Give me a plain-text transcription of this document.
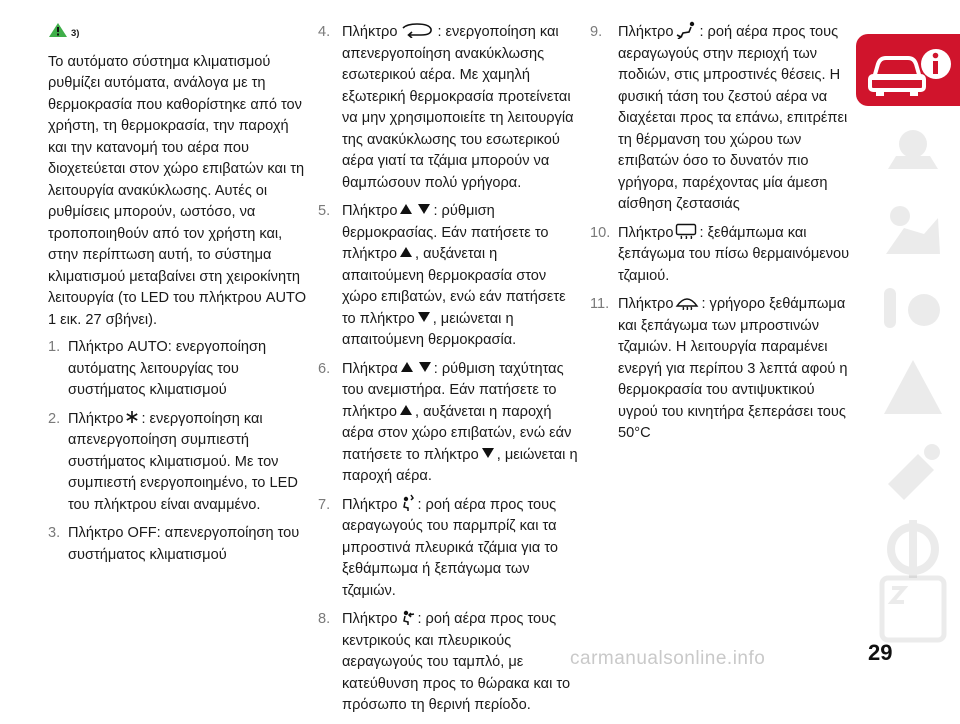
3)

Το αυτόματο σύστημα κλιματισμού ρυθμίζει αυτόματα, ανάλογα με τη θερμοκρασία που καθορίστηκε από τον χρήστη, τη θερμοκρασία, την παροχή και την κατανομή του αέρα που διοχετεύεται στον χώρο επιβατών και τη λειτουργία ανακύκλωσης. Αυτές οι ρυθμίσεις μπορούν, ωστόσο, να τροποποιηθούν από τον χρήστη και, στην περίπτωση αυτή, το σύστημα κλιματισμού μεταβαίνει στη χειροκίνητη λειτουργία (το LED του πλήκτρου AUTO 1 εικ. 27 σβήνει).

1. Πλήκτρο AUTO: ενεργοποίηση αυτόματης λειτουργίας του συστήματος κλιματισμού
2. Πλήκτρο : ενεργοποίηση και απενεργοποίηση συμπιεστή συστήματος κλιματισμού. Με τον συμπιεστή ενεργοποιημένο, το LED του πλήκτρου είναι αναμμένο.
3. Πλήκτρο OFF: απενεργοποίηση του συστήματος κλιματισμού
4. Πλήκτρο	: ενεργοποίηση και απενεργοποίηση ανακύκλωσης εσωτερικού αέρα. Με χαμηλή εξωτερική θερμοκρασία προτείνεται να μην χρησιμοποιείτε τη λειτουργία της ανακύκλωσης του εσωτερικού αέρα γιατί τα τζάμια μπορούν να θαμπώσουν πολύ γρήγορα.
5. Πλήκτρο : ρύθμιση θερμοκρασίας. Εάν πατήσετε το πλήκτρο , αυξάνεται η απαιτούμενη θερμοκρασία στον χώρο επιβατών, ενώ εάν πατήσετε το πλήκτρο , μειώνεται η απαιτούμενη θερμοκρασία.
6. Πλήκτρα : ρύθμιση ταχύτητας του ανεμιστήρα. Εάν πατήσετε το πλήκτρο , αυξάνεται η παροχή αέρα στον χώρο επιβατών, ενώ εάν πατήσετε το πλήκτρο , μειώνεται η παροχή αέρα.
7. Πλήκτρο : ροή αέρα προς τους αεραγωγούς του παρμπρίζ και τα μπροστινά πλευρικά τζάμια για το ξεθάμπωμα ή ξεπάγωμα των τζαμιών.
8. Πλήκτρο : ροή αέρα προς τους κεντρικούς και πλευρικούς αεραγωγούς του ταμπλό, με κατεύθυνση προς το θώρακα και το πρόσωπο τη θερινή περίοδο.
9.	Πλήκτρο : ροή αέρα προς τους αεραγωγούς στην περιοχή των ποδιών, στις μπροστινές θέσεις. Η φυσική τάση του ζεστού αέρα να διαχέεται προς τα επάνω, επιτρέπει τη θέρμανση του χώρου των επιβατών όσο το δυνατόν πιο γρήγορα, παρέχοντας μία άμεση αίσθηση ζεστασιάς
10. Πλήκτρο : ξεθάμπωμα και ξεπάγωμα του πίσω θερμαινόμενου τζαμιού.
11. Πλήκτρο : γρήγορο ξεθάμπωμα και ξεπάγωμα των μπροστινών τζαμιών. Η λειτουργία παραμένει ενεργή για περίπου 3 λεπτά αφού η θερμοκρασία του αντιψυκτικού υγρού του κινητήρα ξεπεράσει τους 50°C
29
carmanualsonline.info
